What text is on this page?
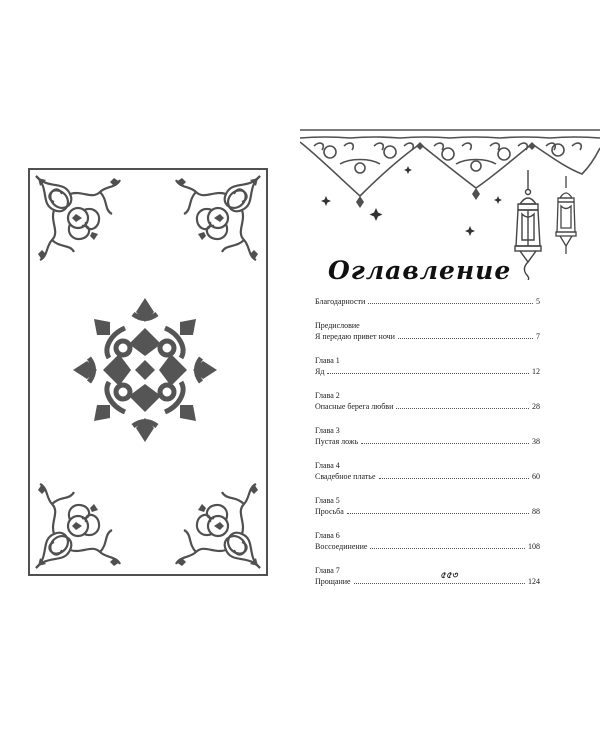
Оглавление
Благодарности	5
Предисловие
Я передаю привет ночи	7
Глава 1
Яд	12
Глава 2
Опасные берега любви	28
Глава 3
Пустая ложь	38
Глава 4
Свадебное платье	60
Глава 5
Просьба	88
Глава 6
Воссоединение	108
Глава 7
Прощание	124
৫৫৩
